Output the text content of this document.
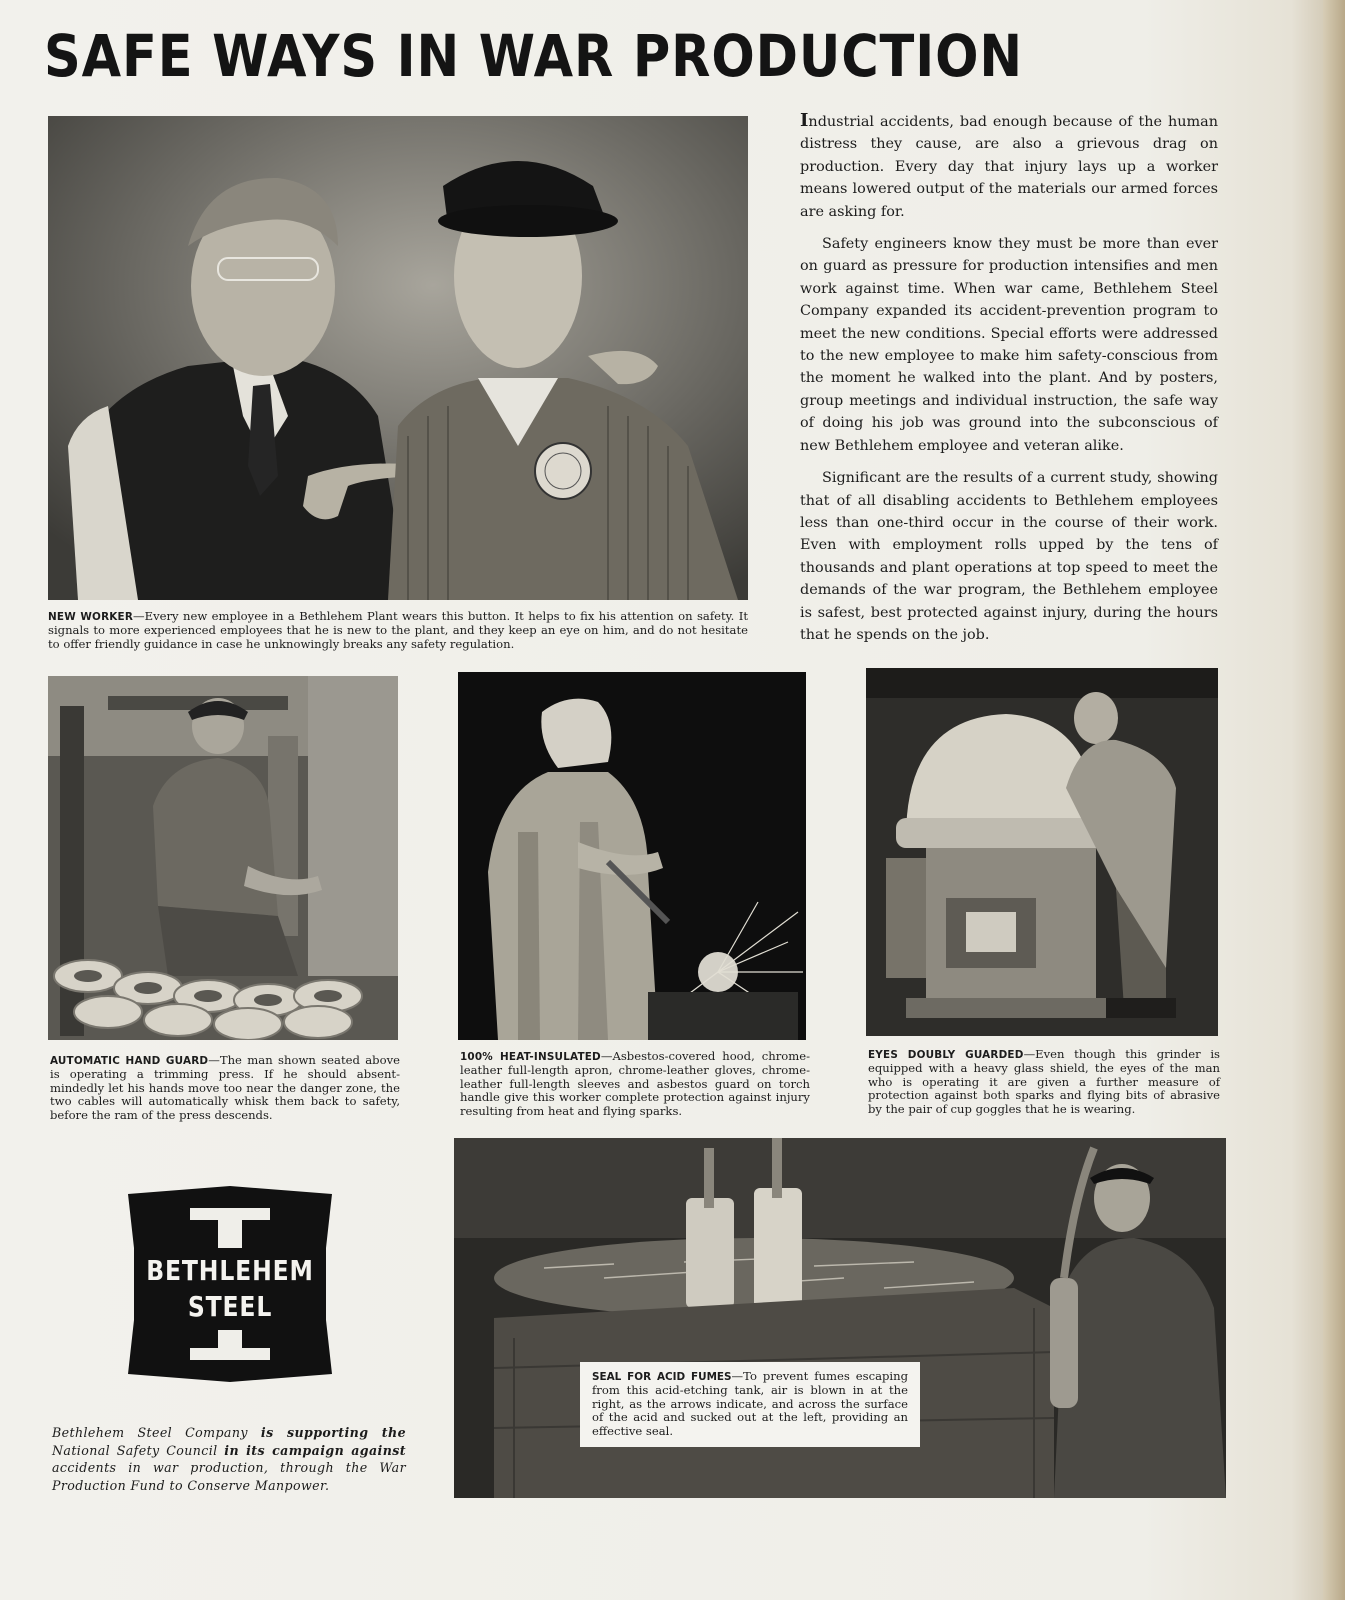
SAFE WAYS IN WAR PRODUCTION
NEW WORKER—Every new employee in a Bethlehem Plant wears this button. It helps to fix his attention on safety. It signals to more experienced employees that he is new to the plant, and they keep an eye on him, and do not hesitate to offer friendly guidance in case he unknowingly breaks any safety regulation.

Industrial accidents, bad enough because of the human distress they cause, are also a grievous drag on production. Every day that injury lays up a worker means lowered output of the materials our armed forces are asking for.

Safety engineers know they must be more than ever on guard as pressure for production intensifies and men work against time. When war came, Bethlehem Steel Company expanded its accident-prevention program to meet the new conditions. Special efforts were addressed to the new employee to make him safety-conscious from the moment he walked into the plant. And by posters, group meetings and individual instruction, the safe way of doing his job was ground into the subconscious of new Bethlehem employee and veteran alike.

Significant are the results of a current study, showing that of all disabling accidents to Bethlehem employees less than one-third occur in the course of their work. Even with employment rolls upped by the tens of thousands and plant operations at top speed to meet the demands of the war program, the Bethlehem employee is safest, best protected against injury, during the hours that he spends on the job.

AUTOMATIC HAND GUARD—The man shown seated above is operating a trimming press. If he should absent-mindedly let his hands move too near the danger zone, the two cables will automatically whisk them back to safety, before the ram of the press descends.
100% HEAT-INSULATED—Asbestos-covered hood, chrome-leather full-length apron, chrome-leather gloves, chrome-leather full-length sleeves and asbestos guard on torch handle give this worker complete protection against injury resulting from heat and flying sparks.
EYES DOUBLY GUARDED—Even though this grinder is equipped with a heavy glass shield, the eyes of the man who is operating it are given a further measure of protection against both sparks and flying bits of abrasive by the pair of cup goggles that he is wearing.
SEAL FOR ACID FUMES—To prevent fumes escaping from this acid-etching tank, air is blown in at the right, as the arrows indicate, and across the surface of the acid and sucked out at the left, providing an effective seal.
BETHLEHEM
STEEL
Bethlehem Steel Company is supporting the National Safety Council in its campaign against accidents in war production, through the War Production Fund to Conserve Manpower.
